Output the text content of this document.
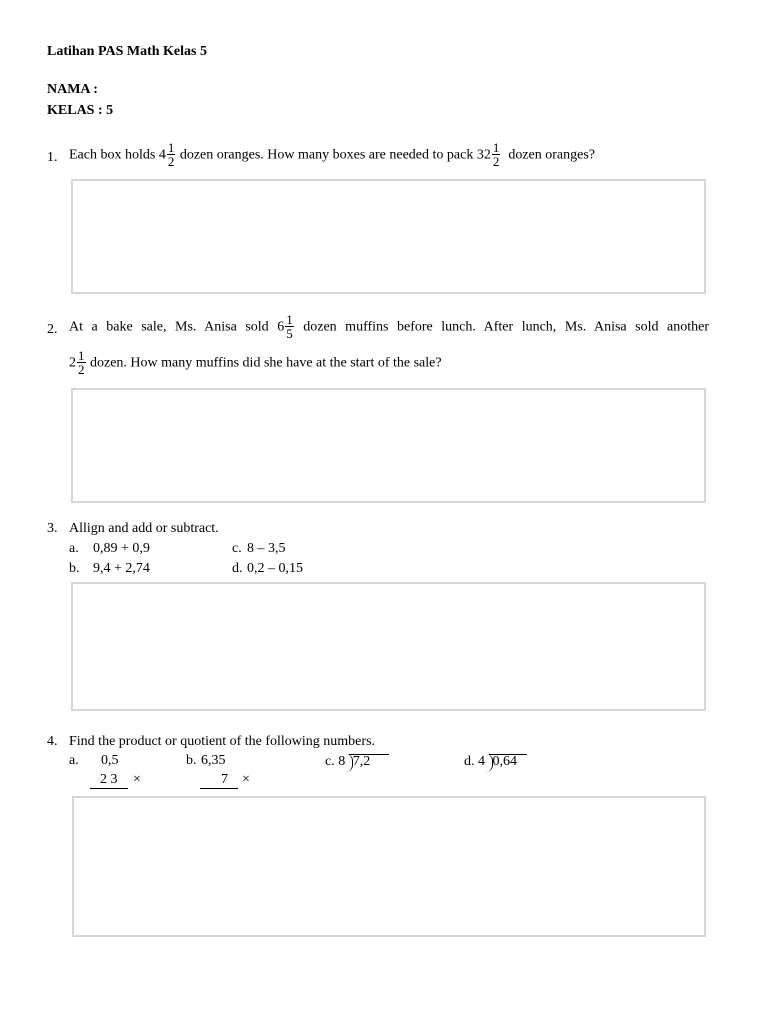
Latihan PAS Math Kelas 5
NAMA :
KELAS : 5
1. Each box holds $4 \frac{1}{2}$ dozen oranges. How many boxes are needed to pack $32 \frac{1}{2}$ dozen oranges?
2. At a bake sale, Ms. Anisa sold $6 \frac{1}{5}$ dozen muffins before lunch. After lunch, Ms. Anisa sold another
$2 \frac{1}{2}$ dozen. How many muffins did she have at the start of the sale?
3. Allign and add or subtract.
a. 0,89 + 0,9	c. 8 – 3,5
b. 9,4 + 2,74	d. 0,2 – 0,15
4. Find the product or quotient of the following numbers.
a. 0,5
2 3 ×
b. 6,35
7 ×
c. 8 7,2	d. 4 0,64
